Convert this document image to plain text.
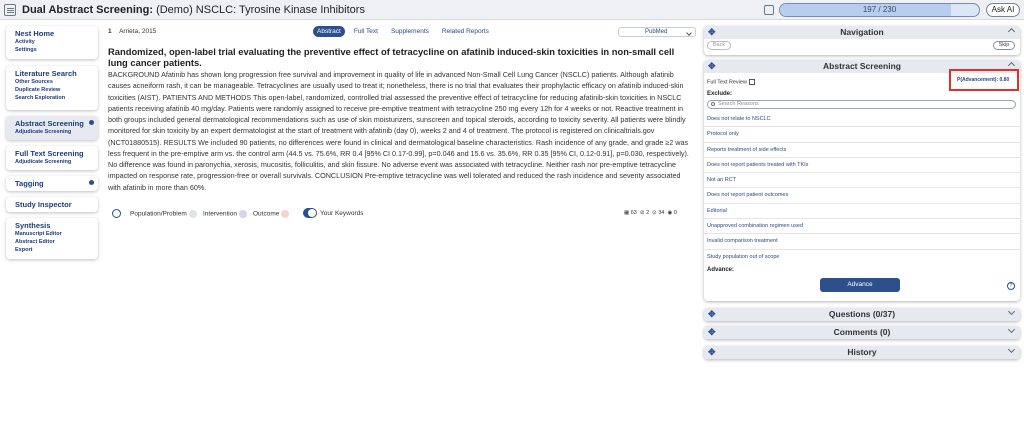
Dual Abstract Screening: (Demo) NSCLC: Tyrosine Kinase Inhibitors	197 / 230	Ask AI
Nest Home
Activity
Settings
Literature Search
Other Sources
Duplicate Review
Search Exploration
Abstract Screening
Adjudicate Screening
Full Text Screening
Adjudicate Screening
Tagging
Study Inspector
Synthesis
Manuscript Editor
Abstract Editor
Export
1 Arrieta, 2015	Abstract	Full Text	Supplements	Related Reports	PubMed
Randomized, open-label trial evaluating the preventive effect of tetracycline on afatinib induced-skin toxicities in non-small cell lung cancer patients.
BACKGROUND Afatinib has shown long progression free survival and improvement in quality of life in advanced Non-Small Cell Lung Cancer (NSCLC) patients. Although afatinib causes acneiform rash, it can be manageable. Tetracyclines are usually used to treat it; nonetheless, there is no trial that evaluates their prophylactic efficacy on afatinib induced-skin toxicities (AIST). PATIENTS AND METHODS This open-label, randomized, controlled trial assessed the preventive effect of tetracycline for reducing afatinib-skin toxicities in NSCLC patients receiving afatinib 40 mg/day. Patients were randomly assigned to receive pre-emptive treatment with tetracycline 250 mg every 12h for 4 weeks or not. Reactive treatment in both groups included general dermatological recommendations such as use of skin moisturizers, sunscreen and topical steroids, according to toxicity severity. All patients were blindly monitored for skin toxicity by an expert dermatologist at the start of treatment with afatinib (day 0), weeks 2 and 4 of treatment. The protocol is registered on clinicaltrials.gov (NCT01880515). RESULTS We included 90 patients, no differences were found in clinical and dermatological baseline characteristics. Rash incidence of any grade, and grade ≥2 was less frequent in the pre-emptive arm vs. the control arm (44.5 vs. 75.6%, RR 0.4 [95% CI 0.17-0.99], p=0.046 and 15.6 vs. 35.6%, RR 0.35 [95% CI, 0.12-0.91], p=0.030, respectively). No difference was found in paronychia, xerosis, mucositis, folliculitis, and skin fissure. No adverse event was associated with tetracycline. Neither rash nor pre-emptive tetracycline impacted on response rate, progression-free or overall survivals. CONCLUSION Pre-emptive tetracycline was well tolerated and reduced the rash incidence and severity associated with afatinib in more than 60%.
Population/Problem	Intervention	Outcome	Your Keywords	▦ 63  ⊘ 2  ⊙ 34  ◉ 0
✥	Navigation
Back	Skip
✥	Abstract Screening
Full Text Review
Exclude:
Search Reasons
Does not relate to NSCLC
Protocol only
Reports treatment of side effects
Does not report patients treated with TKIs
Not an RCT
Does not report patient outcomes
Editorial
Unapproved combination regimen used
Invalid comparison treatment
Study population out of scope
Advance:
Advance	?
P(Advancement): 0.80
✥	Questions (0/37)
✥	Comments (0)
✥	History
